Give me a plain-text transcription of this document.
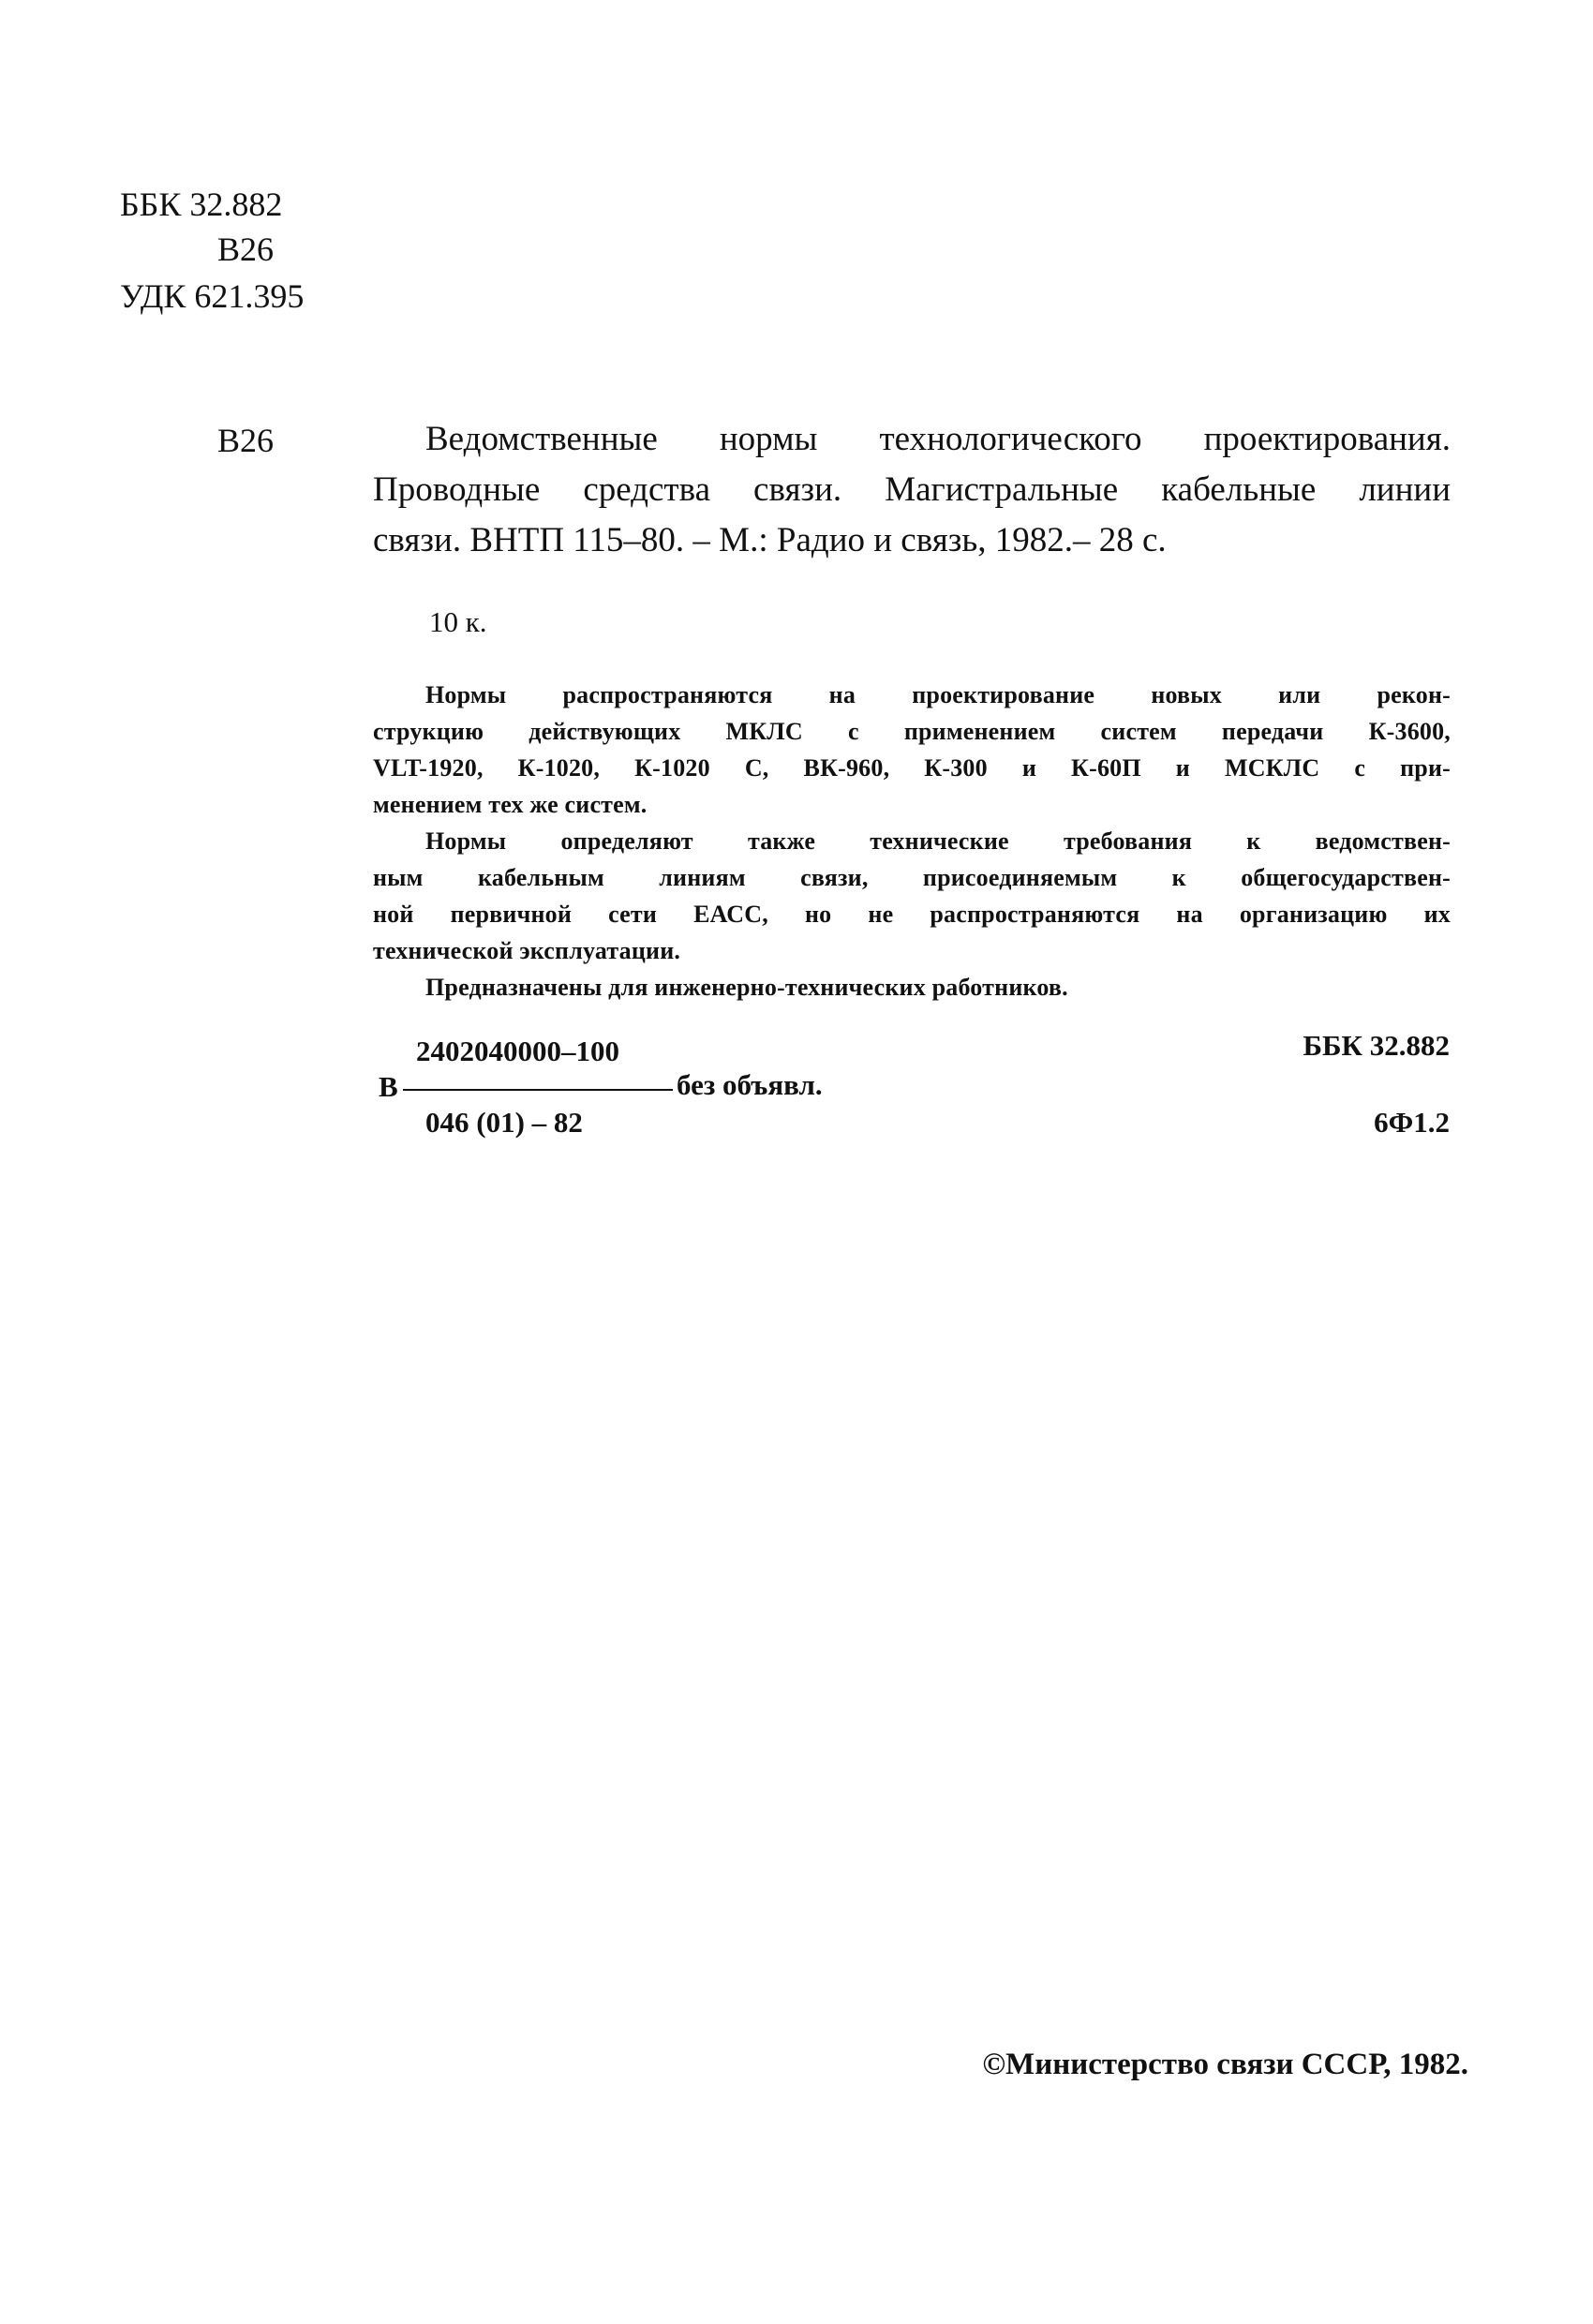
ББК 32.882
В26
УДК 621.395
В26	Ведомственные нормы технологического проектирования.
Проводные средства связи. Магистральные кабельные линии
связи. ВНТП 115–80. – М.: Радио и связь, 1982.– 28 с.
10 к.

Нормы распространяются на проектирование новых или рекон-
струкцию действующих МКЛС с применением систем передачи К-3600,
VLT-1920, К-1020, К-1020 С, ВК-960, К-300 и К-60П и МСКЛС с при-
менением тех же систем.

Нормы определяют также технические требования к ведомствен-
ным кабельным линиям связи, присоединяемым к общегосударствен-
ной первичной сети ЕАСС, но не распространяются на организацию их
технической эксплуатации.

Предназначены для инженерно-технических работников.

2402040000–100
В	без объявл.
046 (01) – 82
ББК 32.882
6Ф1.2
©Министерство связи СССР, 1982.
